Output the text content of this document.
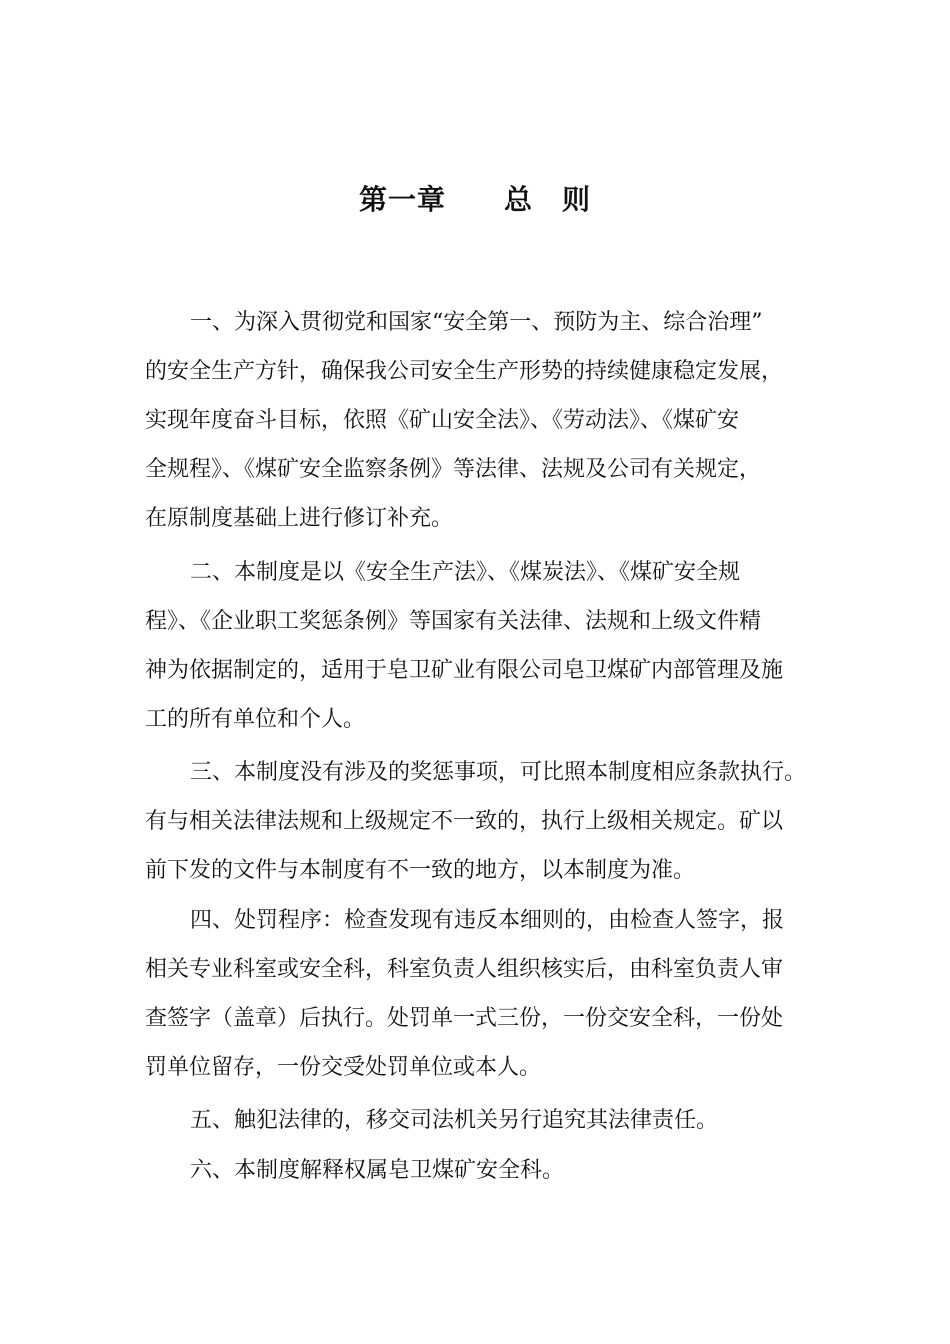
第一章　　总　则
一、为深入贯彻党和国家“安全第一、预防为主、综合治理”
的安全生产方针，确保我公司安全生产形势的持续健康稳定发展，
实现年度奋斗目标，依照《矿山安全法》、《劳动法》、《煤矿安
全规程》、《煤矿安全监察条例》等法律、法规及公司有关规定，
在原制度基础上进行修订补充。
二、本制度是以《安全生产法》、《煤炭法》、《煤矿安全规
程》、《企业职工奖惩条例》等国家有关法律、法规和上级文件精
神为依据制定的，适用于皂卫矿业有限公司皂卫煤矿内部管理及施
工的所有单位和个人。
三、本制度没有涉及的奖惩事项，可比照本制度相应条款执行。
有与相关法律法规和上级规定不一致的，执行上级相关规定。矿以
前下发的文件与本制度有不一致的地方，以本制度为准。
四、处罚程序：检查发现有违反本细则的，由检查人签字，报
相关专业科室或安全科，科室负责人组织核实后，由科室负责人审
查签字（盖章）后执行。处罚单一式三份，一份交安全科，一份处
罚单位留存，一份交受处罚单位或本人。
五、触犯法律的，移交司法机关另行追究其法律责任。
六、本制度解释权属皂卫煤矿安全科。
